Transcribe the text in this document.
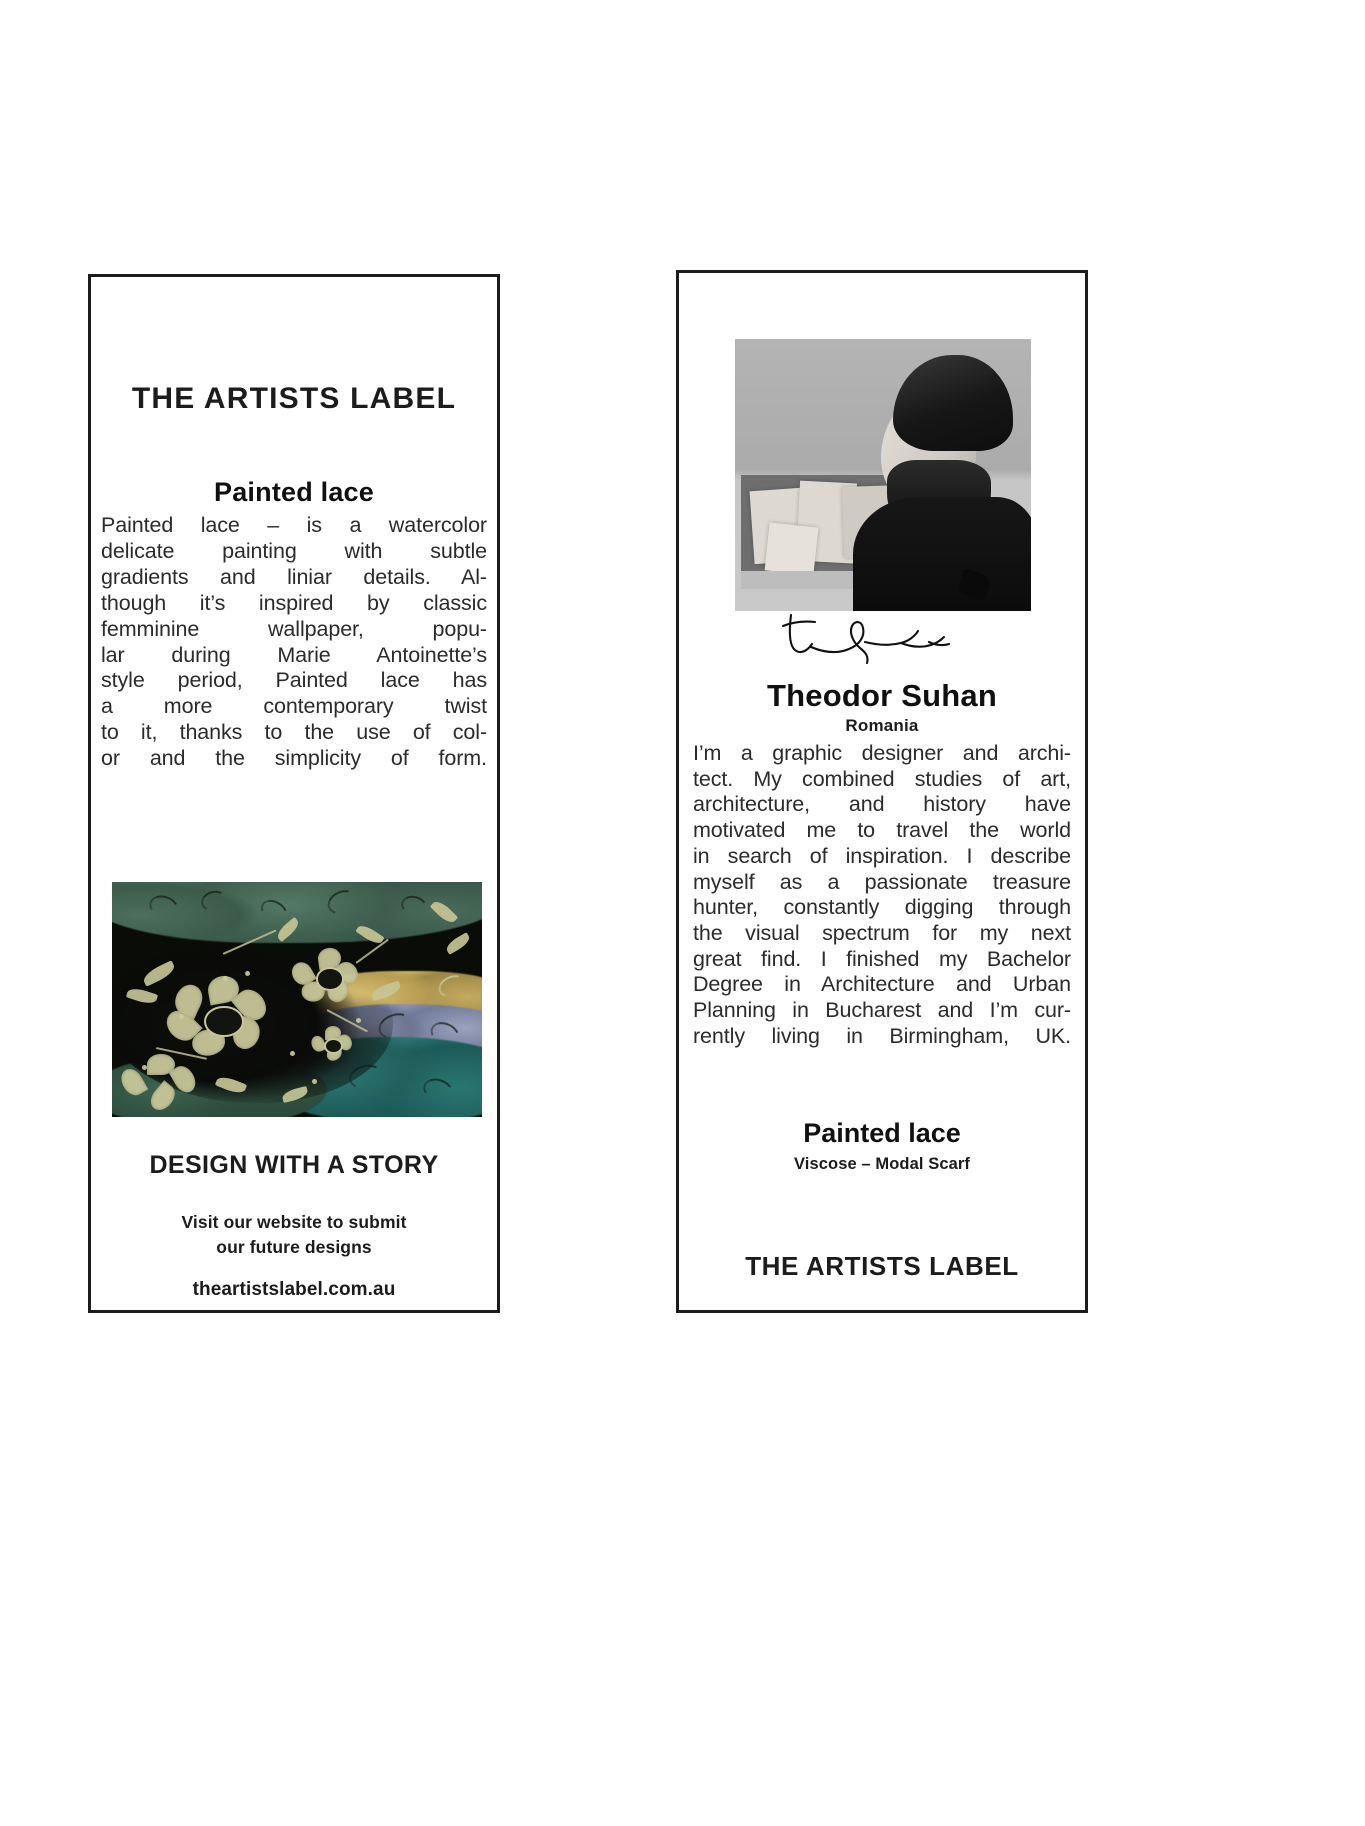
THE ARTISTS LABEL
Painted lace
Painted lace – is a watercolor
delicate painting with subtle
gradients and liniar details. Al-
though it’s inspired by classic
femminine wallpaper, popu-
lar during Marie Antoinette’s
style period, Painted lace has
a more contemporary twist
to it, thanks to the use of col-
or and the simplicity of form.
DESIGN WITH A STORY
Visit our website to submit
our future designs
theartistslabel.com.au
Theodor Suhan
Romania
I’m a graphic designer and archi-
tect. My combined studies of art,
architecture, and history have
motivated me to travel the world
in search of inspiration. I describe
myself as a passionate treasure
hunter, constantly digging through
the visual spectrum for my next
great find. I finished my Bachelor
Degree in Architecture and Urban
Planning in Bucharest and I’m cur-
rently living in Birmingham, UK.
Painted lace
Viscose – Modal Scarf
THE ARTISTS LABEL
